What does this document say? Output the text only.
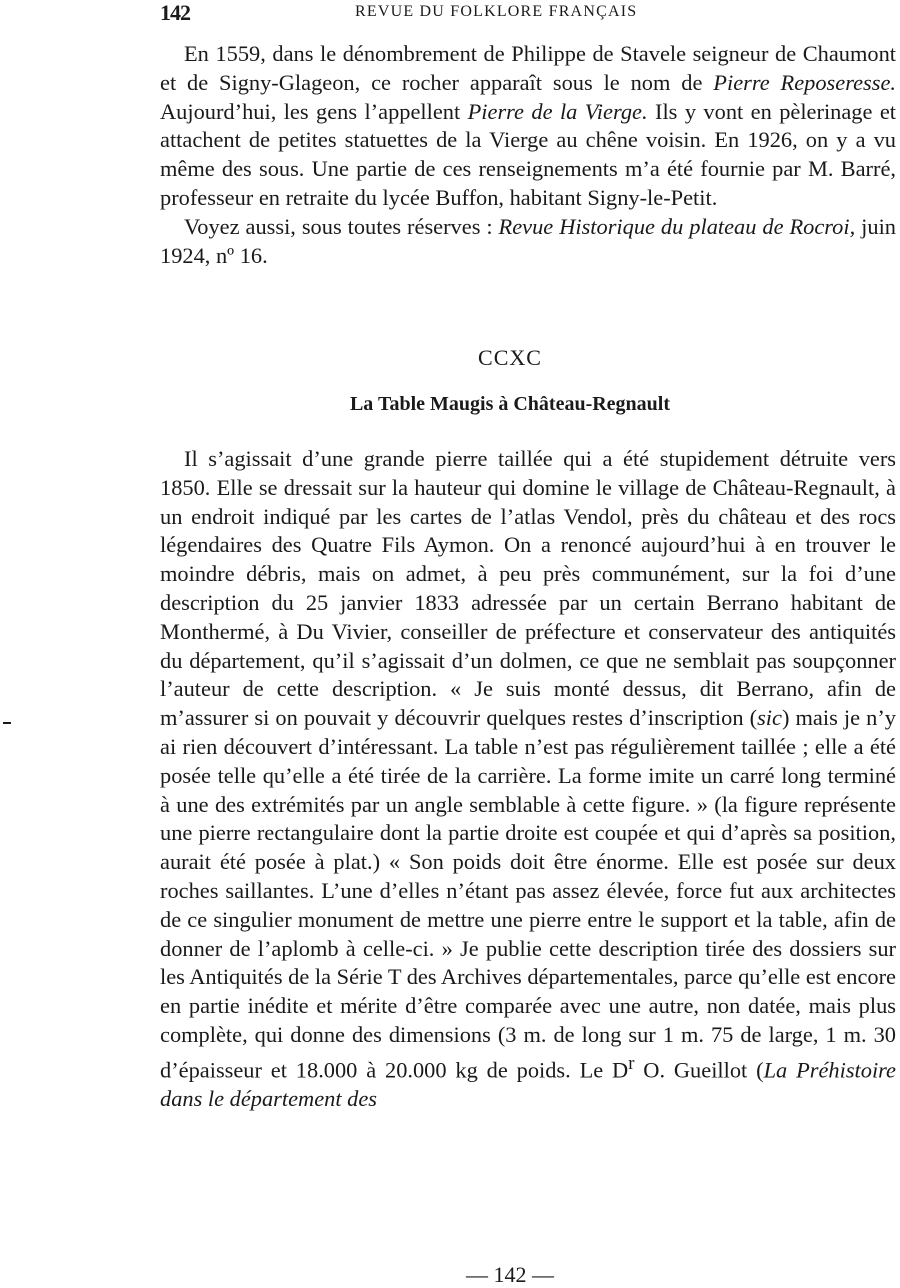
142	REVUE DU FOLKLORE FRANÇAIS

En 1559, dans le dénombrement de Philippe de Stavele seigneur de Chaumont et de Signy-Glageon, ce rocher apparaît sous le nom de Pierre Reposeresse. Aujourd’hui, les gens l’appellent Pierre de la Vierge. Ils y vont en pèlerinage et attachent de petites statuettes de la Vierge au chêne voisin. En 1926, on y a vu même des sous. Une partie de ces renseignements m’a été fournie par M. Barré, professeur en retraite du lycée Buffon, habitant Signy-le-Petit.

Voyez aussi, sous toutes réserves : Revue Historique du plateau de Rocroi, juin 1924, nº 16.

CCXC
La Table Maugis à Château-Regnault

Il s’agissait d’une grande pierre taillée qui a été stupidement détruite vers 1850. Elle se dressait sur la hauteur qui domine le village de Château-Regnault, à un endroit indiqué par les cartes de l’atlas Vendol, près du château et des rocs légendaires des Quatre Fils Aymon. On a renoncé aujourd’hui à en trouver le moindre débris, mais on admet, à peu près communément, sur la foi d’une description du 25 janvier 1833 adressée par un certain Berrano habitant de Monthermé, à Du Vivier, conseiller de préfecture et conservateur des antiquités du département, qu’il s’agissait d’un dolmen, ce que ne semblait pas soupçonner l’auteur de cette description. « Je suis monté dessus, dit Berrano, afin de m’assurer si on pouvait y découvrir quelques restes d’inscription (sic) mais je n’y ai rien découvert d’intéressant. La table n’est pas régulièrement taillée ; elle a été posée telle qu’elle a été tirée de la carrière. La forme imite un carré long terminé à une des extrémités par un angle semblable à cette figure. » (la figure représente une pierre rectangulaire dont la partie droite est coupée et qui d’après sa position, aurait été posée à plat.) « Son poids doit être énorme. Elle est posée sur deux roches saillantes. L’une d’elles n’étant pas assez élevée, force fut aux architectes de ce singulier monument de mettre une pierre entre le support et la table, afin de donner de l’aplomb à celle-ci. » Je publie cette description tirée des dossiers sur les Antiquités de la Série T des Archives départementales, parce qu’elle est encore en partie inédite et mérite d’être comparée avec une autre, non datée, mais plus complète, qui donne des dimensions (3 m. de long sur 1 m. 75 de large, 1 m. 30 d’épaisseur et 18.000 à 20.000 kg de poids. Le $D^r$ O. Gueillot (La Préhistoire dans le département des

— 142 —
